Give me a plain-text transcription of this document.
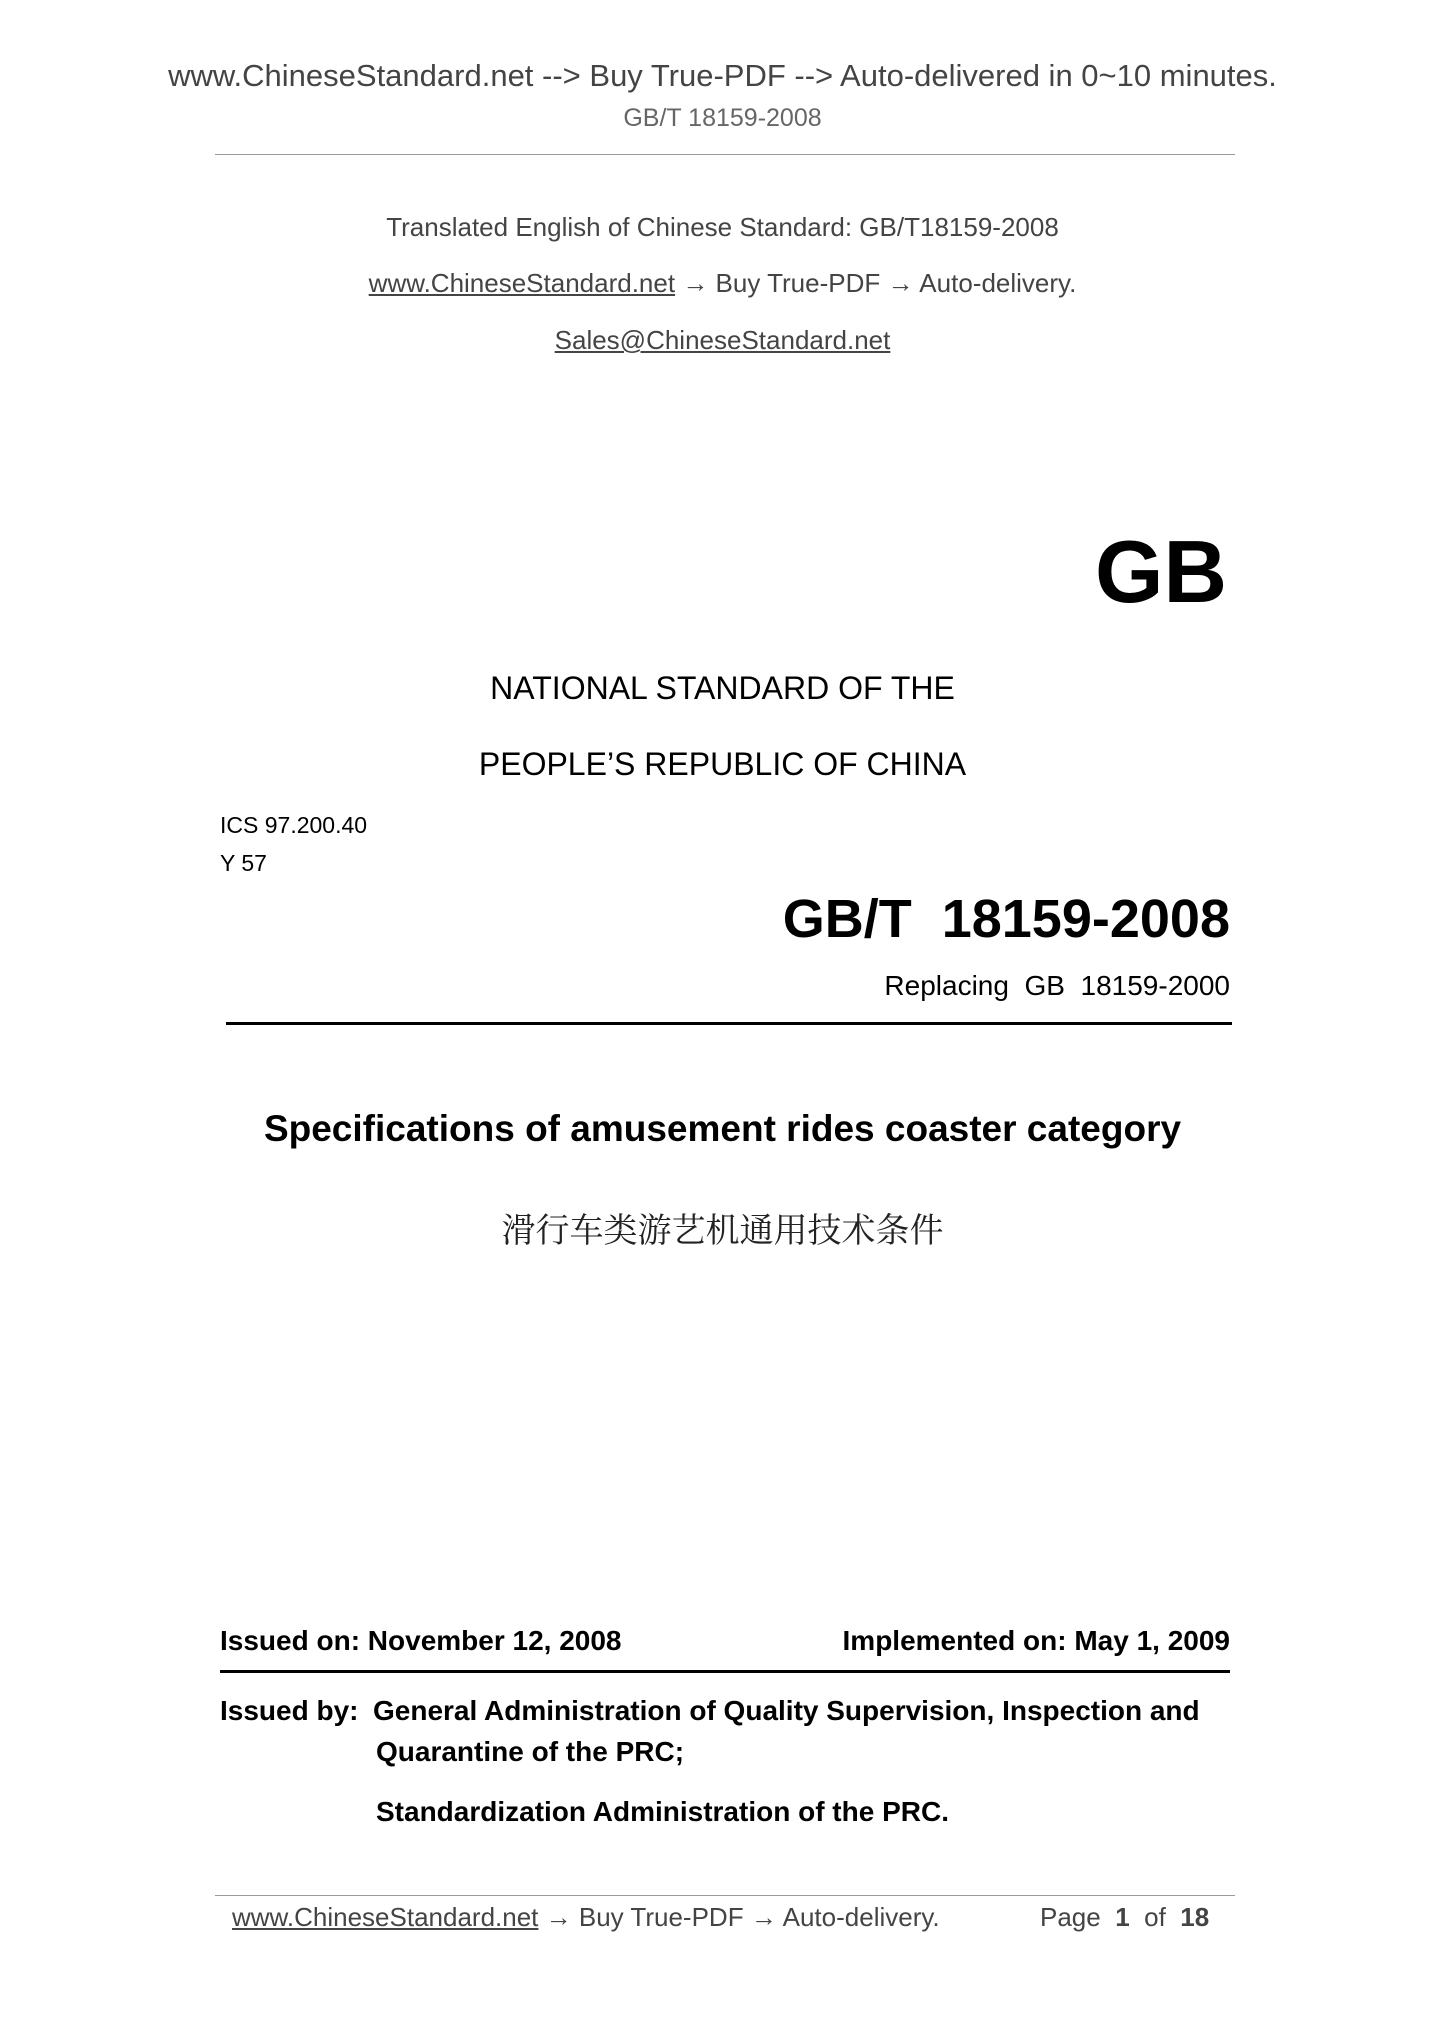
www.ChineseStandard.net --> Buy True-PDF --> Auto-delivered in 0~10 minutes.
GB/T 18159-2008
Translated English of Chinese Standard: GB/T18159-2008
www.ChineseStandard.net → Buy True-PDF → Auto-delivery.
Sales@ChineseStandard.net
GB
NATIONAL STANDARD OF THE
PEOPLE’S REPUBLIC OF CHINA
ICS 97.200.40
Y 57
GB/T  18159-2008
Replacing  GB  18159-2000
Specifications of amusement rides coaster category
滑行车类游艺机通用技术条件
Issued on: November 12, 2008	Implemented on: May 1, 2009
Issued by: General Administration of Quality Supervision, Inspection and
Quarantine of the PRC;
Standardization Administration of the PRC.
www.ChineseStandard.net → Buy True-PDF → Auto-delivery.	Page 1 of 18
